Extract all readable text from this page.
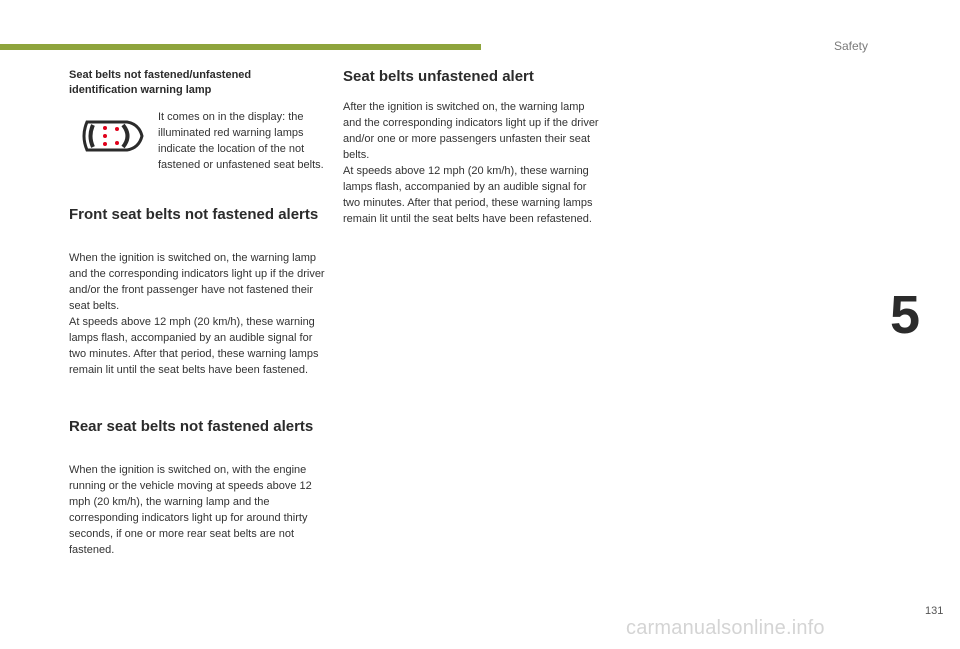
Safety
5
Seat belts not fastened/unfastened identification warning lamp
It comes on in the display: the illuminated red warning lamps indicate the location of the not fastened or unfastened seat belts.
Front seat belts not fastened alerts
When the ignition is switched on, the warning lamp and the corresponding indicators light up if the driver and/or the front passenger have not fastened their seat belts.
At speeds above 12 mph (20 km/h), these warning lamps flash, accompanied by an audible signal for two minutes. After that period, these warning lamps remain lit until the seat belts have been fastened.
Rear seat belts not fastened alerts
When the ignition is switched on, with the engine running or the vehicle moving at speeds above 12 mph (20 km/h), the warning lamp and the corresponding indicators light up for around thirty seconds, if one or more rear seat belts are not fastened.
Seat belts unfastened alert
After the ignition is switched on, the warning lamp and the corresponding indicators light up if the driver and/or one or more passengers unfasten their seat belts.
At speeds above 12 mph (20 km/h), these warning lamps flash, accompanied by an audible signal for two minutes. After that period, these warning lamps remain lit until the seat belts have been refastened.
131
carmanualsonline.info
